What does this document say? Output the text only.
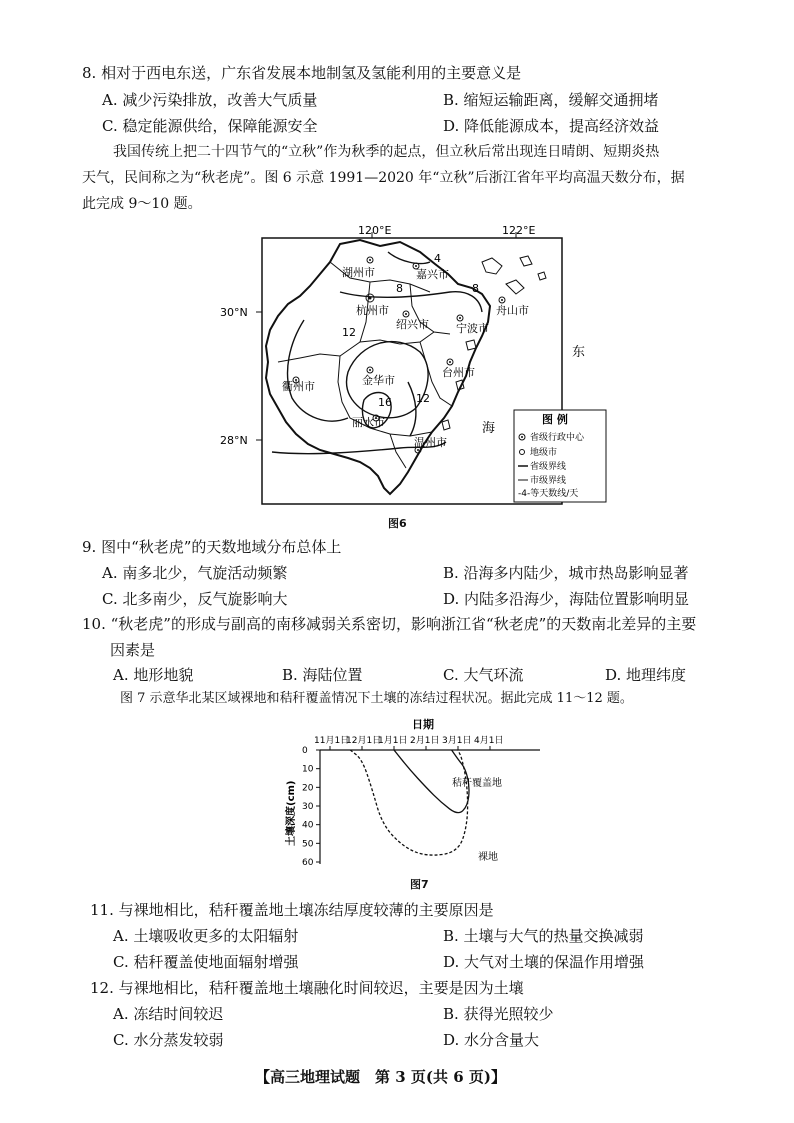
8. 相对于西电东送，广东省发展本地制氢及氢能利用的主要意义是
A. 减少污染排放，改善大气质量	B. 缩短运输距离，缓解交通拥堵
C. 稳定能源供给，保障能源安全	D. 降低能源成本，提高经济效益
我国传统上把二十四节气的“立秋”作为秋季的起点，但立秋后常出现连日晴朗、短期炎热
天气，民间称之为“秋老虎”。图 6 示意 1991—2020 年“立秋”后浙江省年平均高温天数分布，据
此完成 9～10 题。
120°E	122°E
30°N
28°N
4
8	8
12
12
16
湖州市	嘉兴市
杭州市
绍兴市 宁波市
舟山市
衢州市	金华市
台州市
丽水市
温州市
东
海
图 例
省级行政中心
地级市
省级界线
市级界线
-4-等天数线/天
图6
9. 图中“秋老虎”的天数地域分布总体上
A. 南多北少，气旋活动频繁	B. 沿海多内陆少，城市热岛影响显著
C. 北多南少，反气旋影响大	D. 内陆多沿海少，海陆位置影响明显
10. “秋老虎”的形成与副高的南移减弱关系密切，影响浙江省“秋老虎”的天数南北差异的主要
因素是
A. 地形地貌	B. 海陆位置	C. 大气环流	D. 地理纬度
图 7 示意华北某区域裸地和秸秆覆盖情况下土壤的冻结过程状况。据此完成 11～12 题。
日期
土壤深度(cm)
11月1日
12月1日
1月1日 2月1日 3月1日 4月1日
0
10
20
30
40
50
60
秸秆覆盖地
裸地
图7
11. 与裸地相比，秸秆覆盖地土壤冻结厚度较薄的主要原因是
A. 土壤吸收更多的太阳辐射	B. 土壤与大气的热量交换减弱
C. 秸秆覆盖使地面辐射增强	D. 大气对土壤的保温作用增强
12. 与裸地相比，秸秆覆盖地土壤融化时间较迟，主要是因为土壤
A. 冻结时间较迟	B. 获得光照较少
C. 水分蒸发较弱	D. 水分含量大
【高三地理试题　第 3 页(共 6 页)】
